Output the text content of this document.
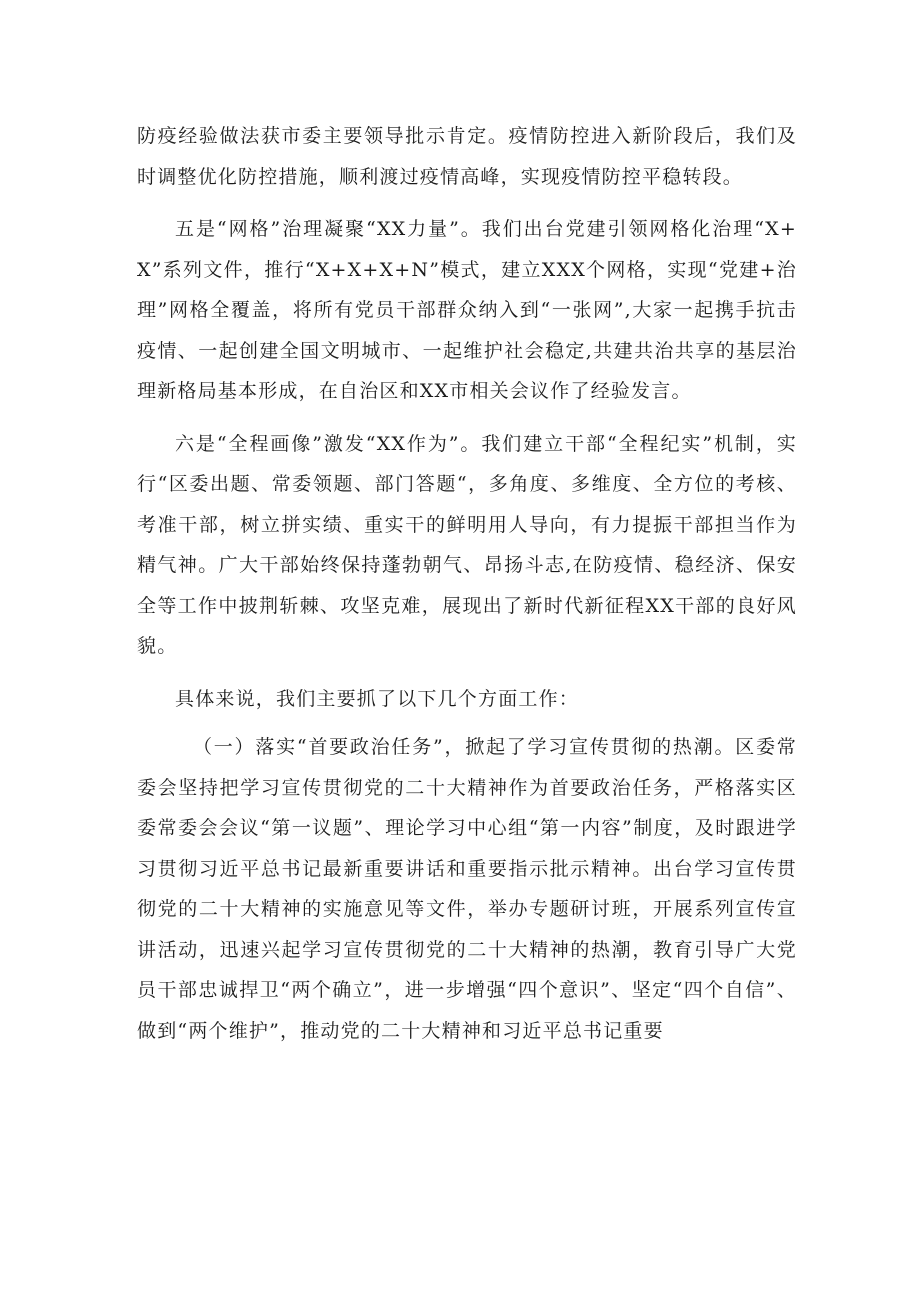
防疫经验做法获市委主要领导批示肯定。疫情防控进入新阶段后，我们及时调整优化防控措施，顺利渡过疫情高峰，实现疫情防控平稳转段。

五是“网格”治理凝聚“XX力量”。我们出台党建引领网格化治理“X+X”系列文件，推行“X+X+X+N”模式，建立XXX个网格，实现“党建+治理”网格全覆盖，将所有党员干部群众纳入到“一张网”,大家一起携手抗击疫情、一起创建全国文明城市、一起维护社会稳定,共建共治共享的基层治理新格局基本形成，在自治区和XX市相关会议作了经验发言。

六是“全程画像”激发“XX作为”。我们建立干部“全程纪实”机制，实行“区委出题、常委领题、部门答题“，多角度、多维度、全方位的考核、考准干部，树立拼实绩、重实干的鲜明用人导向，有力提振干部担当作为精气神。广大干部始终保持蓬勃朝气、昂扬斗志,在防疫情、稳经济、保安全等工作中披荆斩棘、攻坚克难，展现出了新时代新征程XX干部的良好风貌。

具体来说，我们主要抓了以下几个方面工作：

（一）落实“首要政治任务”，掀起了学习宣传贯彻的热潮。区委常委会坚持把学习宣传贯彻党的二十大精神作为首要政治任务，严格落实区委常委会会议“第一议题”、理论学习中心组“第一内容”制度，及时跟进学习贯彻习近平总书记最新重要讲话和重要指示批示精神。出台学习宣传贯彻党的二十大精神的实施意见等文件，举办专题研讨班，开展系列宣传宣讲活动，迅速兴起学习宣传贯彻党的二十大精神的热潮，教育引导广大党员干部忠诚捍卫“两个确立”，进一步增强“四个意识”、坚定“四个自信”、做到“两个维护”，推动党的二十大精神和习近平总书记重要
